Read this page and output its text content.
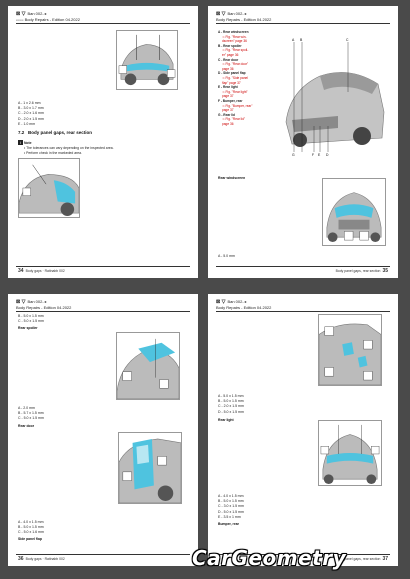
⊠ ▽ Ban 002- ▸
▪▪▪▪▪▪▪ Body Repairs - Edition 04.2022
A - 1 x 2.6 mm
B - 3.0 x 1.7 mm
C - 2.0 x 1.6 mm
D - 2.0 x 1.5 mm
E - 1.0 mm
7.2 Body panel gaps, rear section
i Note
• The tolerances can vary depending on the inspected area.
• Perform check in the markeded area.
34 Body gaps · Ratinabb 002
⊠ ▽ Ban 002- ▸
Body Repairs - Edition 04.2022
A - Rear windscreen
⇒ Fig. "Rear win-
dscreen" page 36
B - Rear spoiler
⇒ Fig. "Rear spoil-
er" page 36
C - Rear door
⇒ Fig. "Rear door"
page 36
D - Side panel flap
⇒ Fig. "Side panel
flap" page 37
E - Rear light
⇒ Fig. "Rear light"
page 37
F - Bumper, rear
⇒ Fig. "Bumper, rear"
page 37
G - Rear lid
⇒ Fig. "Rear lid"
page 36
A B	C
G	F E D
Rear windscreen
A - 5.0 mm
Body panel gaps, rear section 35
⊠ ▽ Ban 002- ▸
Body Repairs - Edition 04.2022
B - 5.0 x 1.5 mm
C - 5.0 x 1.5 mm
Rear spoiler
A - 2.0 mm
B - 5.7 x 1.5 mm
C - 5.0 x 1.5 mm
Rear door
A - 4.0 x 1.5 mm
B - 5.0 x 1.5 mm
C - 5.0 x 1.6 mm
Side panel flap
36 Body gaps · Ratinabb 002
⊠ ▽ Ban 002- ▸
Body Repairs - Edition 04.2022
A - 5.0 x 1.5 mm
B - 5.0 x 1.5 mm
C - 2.0 x 1.5 mm
D - 5.0 x 1.5 mm
Rear light
A - 4.0 x 1.5 mm
B - 5.0 x 1.5 mm
C - 3.0 x 1.5 mm
D - 5.0 x 1.5 mm
E - 3.5 x 1 mm
Bumper, rear
Body panel gaps, rear section 37
CarGeometry
